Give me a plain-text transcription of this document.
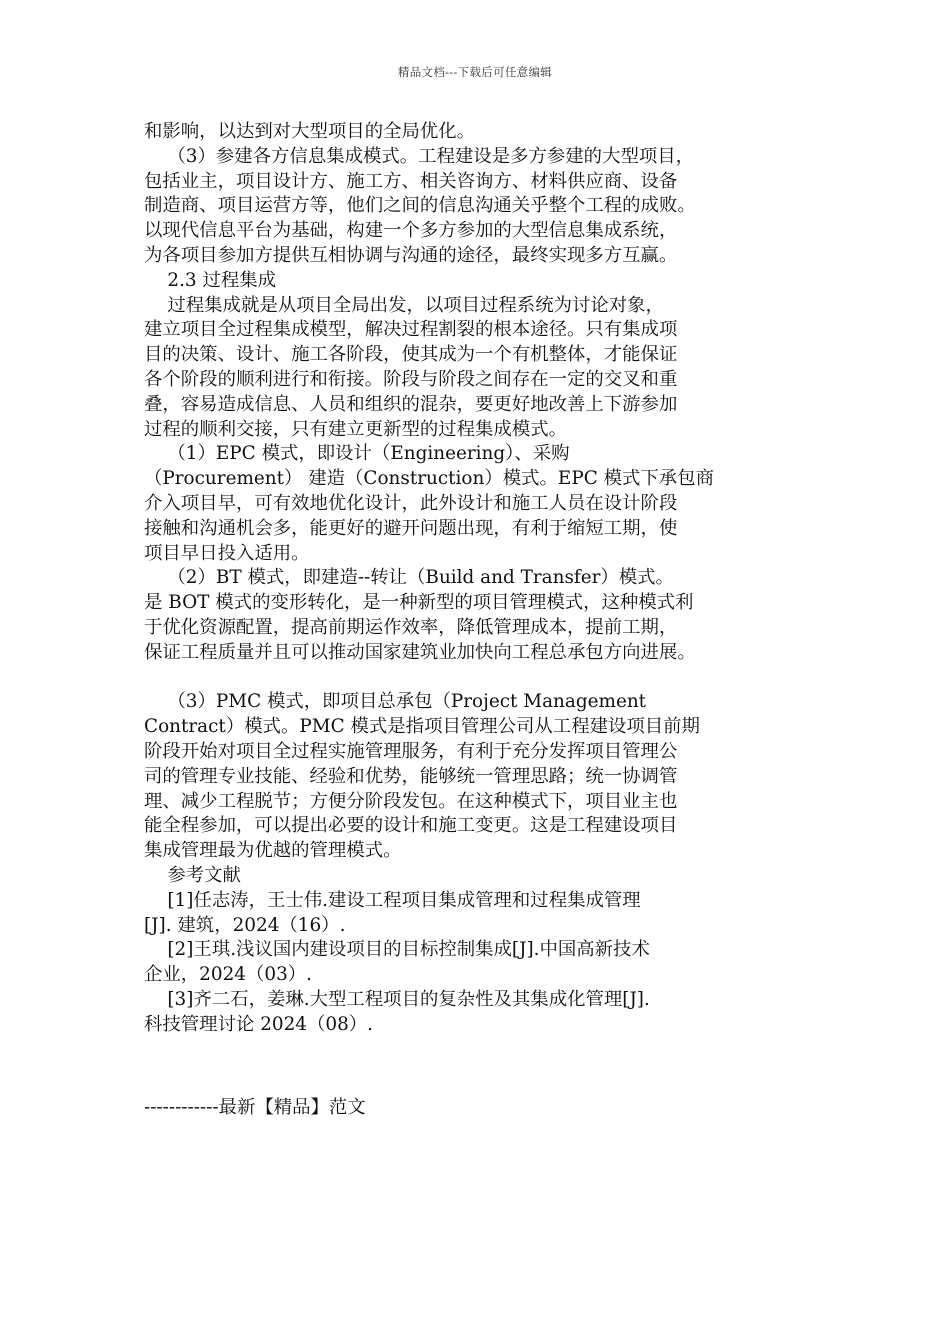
精品文档---下载后可任意编辑
和影响，以达到对大型项目的全局优化。
（3）参建各方信息集成模式。工程建设是多方参建的大型项目，
包括业主，项目设计方、施工方、相关咨询方、材料供应商、设备
制造商、项目运营方等，他们之间的信息沟通关乎整个工程的成败。
以现代信息平台为基础，构建一个多方参加的大型信息集成系统，
为各项目参加方提供互相协调与沟通的途径，最终实现多方互赢。
2.3 过程集成
过程集成就是从项目全局出发，以项目过程系统为讨论对象，
建立项目全过程集成模型，解决过程割裂的根本途径。只有集成项
目的决策、设计、施工各阶段，使其成为一个有机整体，才能保证
各个阶段的顺利进行和衔接。阶段与阶段之间存在一定的交叉和重
叠，容易造成信息、人员和组织的混杂，要更好地改善上下游参加
过程的顺利交接，只有建立更新型的过程集成模式。
（1）EPC 模式，即设计（Engineering）、采购
（Procurement） 建造（Construction）模式。EPC 模式下承包商
介入项目早，可有效地优化设计，此外设计和施工人员在设计阶段
接触和沟通机会多，能更好的避开问题出现，有利于缩短工期，使
项目早日投入适用。
（2）BT 模式，即建造--转让（Build and Transfer）模式。
是 BOT 模式的变形转化，是一种新型的项目管理模式，这种模式利
于优化资源配置，提高前期运作效率，降低管理成本，提前工期，
保证工程质量并且可以推动国家建筑业加快向工程总承包方向进展。
（3）PMC 模式，即项目总承包（Project Management
Contract）模式。PMC 模式是指项目管理公司从工程建设项目前期
阶段开始对项目全过程实施管理服务，有利于充分发挥项目管理公
司的管理专业技能、经验和优势，能够统一管理思路；统一协调管
理、减少工程脱节；方便分阶段发包。在这种模式下，项目业主也
能全程参加，可以提出必要的设计和施工变更。这是工程建设项目
集成管理最为优越的管理模式。
参考文献
[1]任志涛，王士伟.建设工程项目集成管理和过程集成管理
[J]. 建筑，2024（16）.
[2]王琪.浅议国内建设项目的目标控制集成[J].中国高新技术
企业，2024（03）.
[3]齐二石，姜琳.大型工程项目的复杂性及其集成化管理[J].
科技管理讨论 2024（08）.
------------最新【精品】范文
